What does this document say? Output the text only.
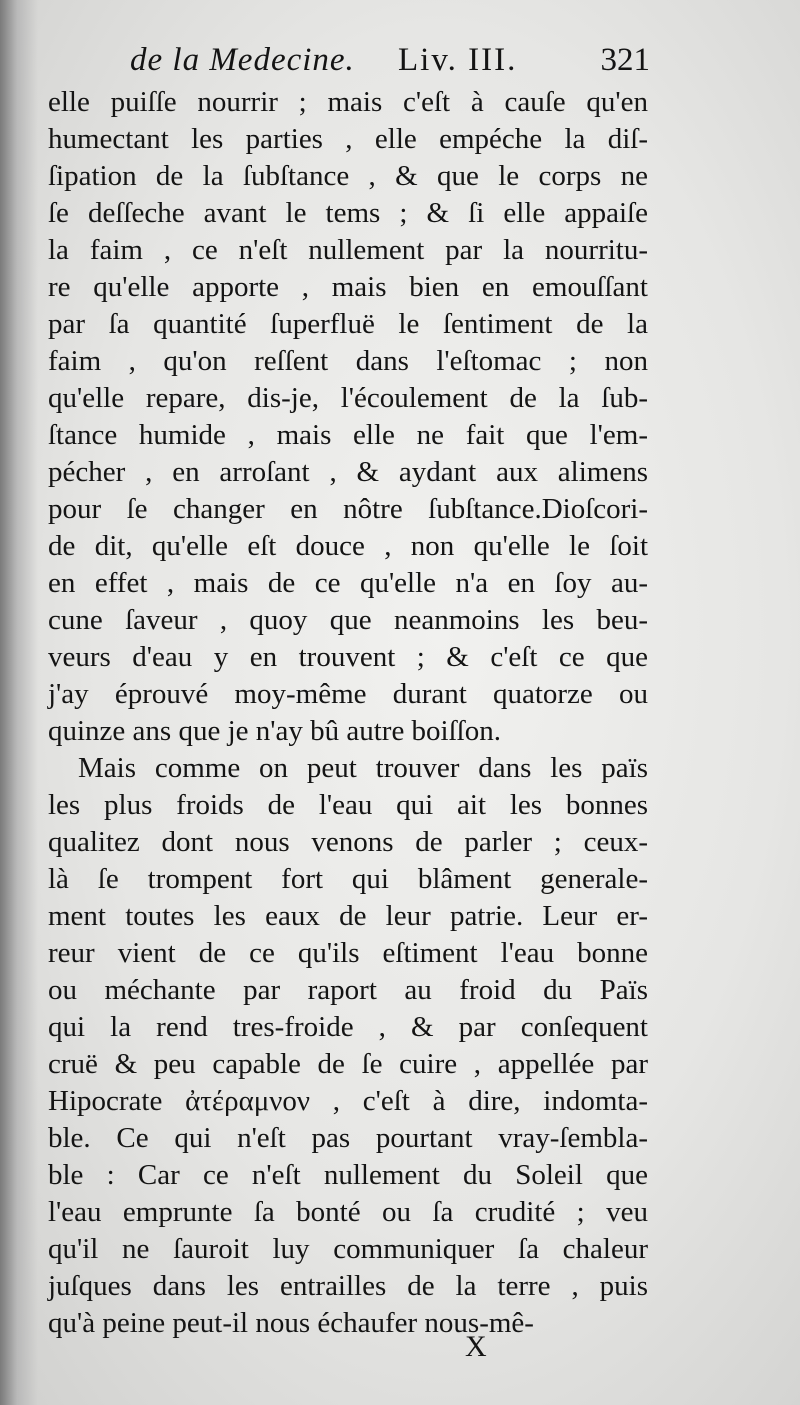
de la Medecine. Liv. III.	321
elle puiſſe nourrir ; mais c'eſt à cauſe qu'en
humectant les parties , elle empéche la diſ-
ſipation de la ſubſtance , & que le corps ne
ſe deſſeche avant le tems ; & ſi elle appaiſe
la faim , ce n'eſt nullement par la nourritu-
re qu'elle apporte , mais bien en emouſſant
par ſa quantité ſuperfluë le ſentiment de la
faim , qu'on reſſent dans l'eſtomac ; non
qu'elle repare, dis-je, l'écoulement de la ſub-
ſtance humide , mais elle ne fait que l'em-
pécher , en arroſant , & aydant aux alimens
pour ſe changer en nôtre ſubſtance.Dioſcori-
de dit, qu'elle eſt douce , non qu'elle le ſoit
en effet , mais de ce qu'elle n'a en ſoy au-
cune ſaveur , quoy que neanmoins les beu-
veurs d'eau y en trouvent ; & c'eſt ce que
j'ay éprouvé moy-même durant quatorze ou
quinze ans que je n'ay bû autre boiſſon.
Mais comme on peut trouver dans les païs
les plus froids de l'eau qui ait les bonnes
qualitez dont nous venons de parler ; ceux-
là ſe trompent fort qui blâment generale-
ment toutes les eaux de leur patrie. Leur er-
reur vient de ce qu'ils eſtiment l'eau bonne
ou méchante par raport au froid du Païs
qui la rend tres-froide , & par conſequent
cruë & peu capable de ſe cuire , appellée par
Hipocrate ἀτέραμνον , c'eſt à dire, indomta-
ble. Ce qui n'eſt pas pourtant vray-ſembla-
ble : Car ce n'eſt nullement du Soleil que
l'eau emprunte ſa bonté ou ſa crudité ; veu
qu'il ne ſauroit luy communiquer ſa chaleur
juſques dans les entrailles de la terre , puis
qu'à peine peut-il nous échaufer nous-mê-
X
